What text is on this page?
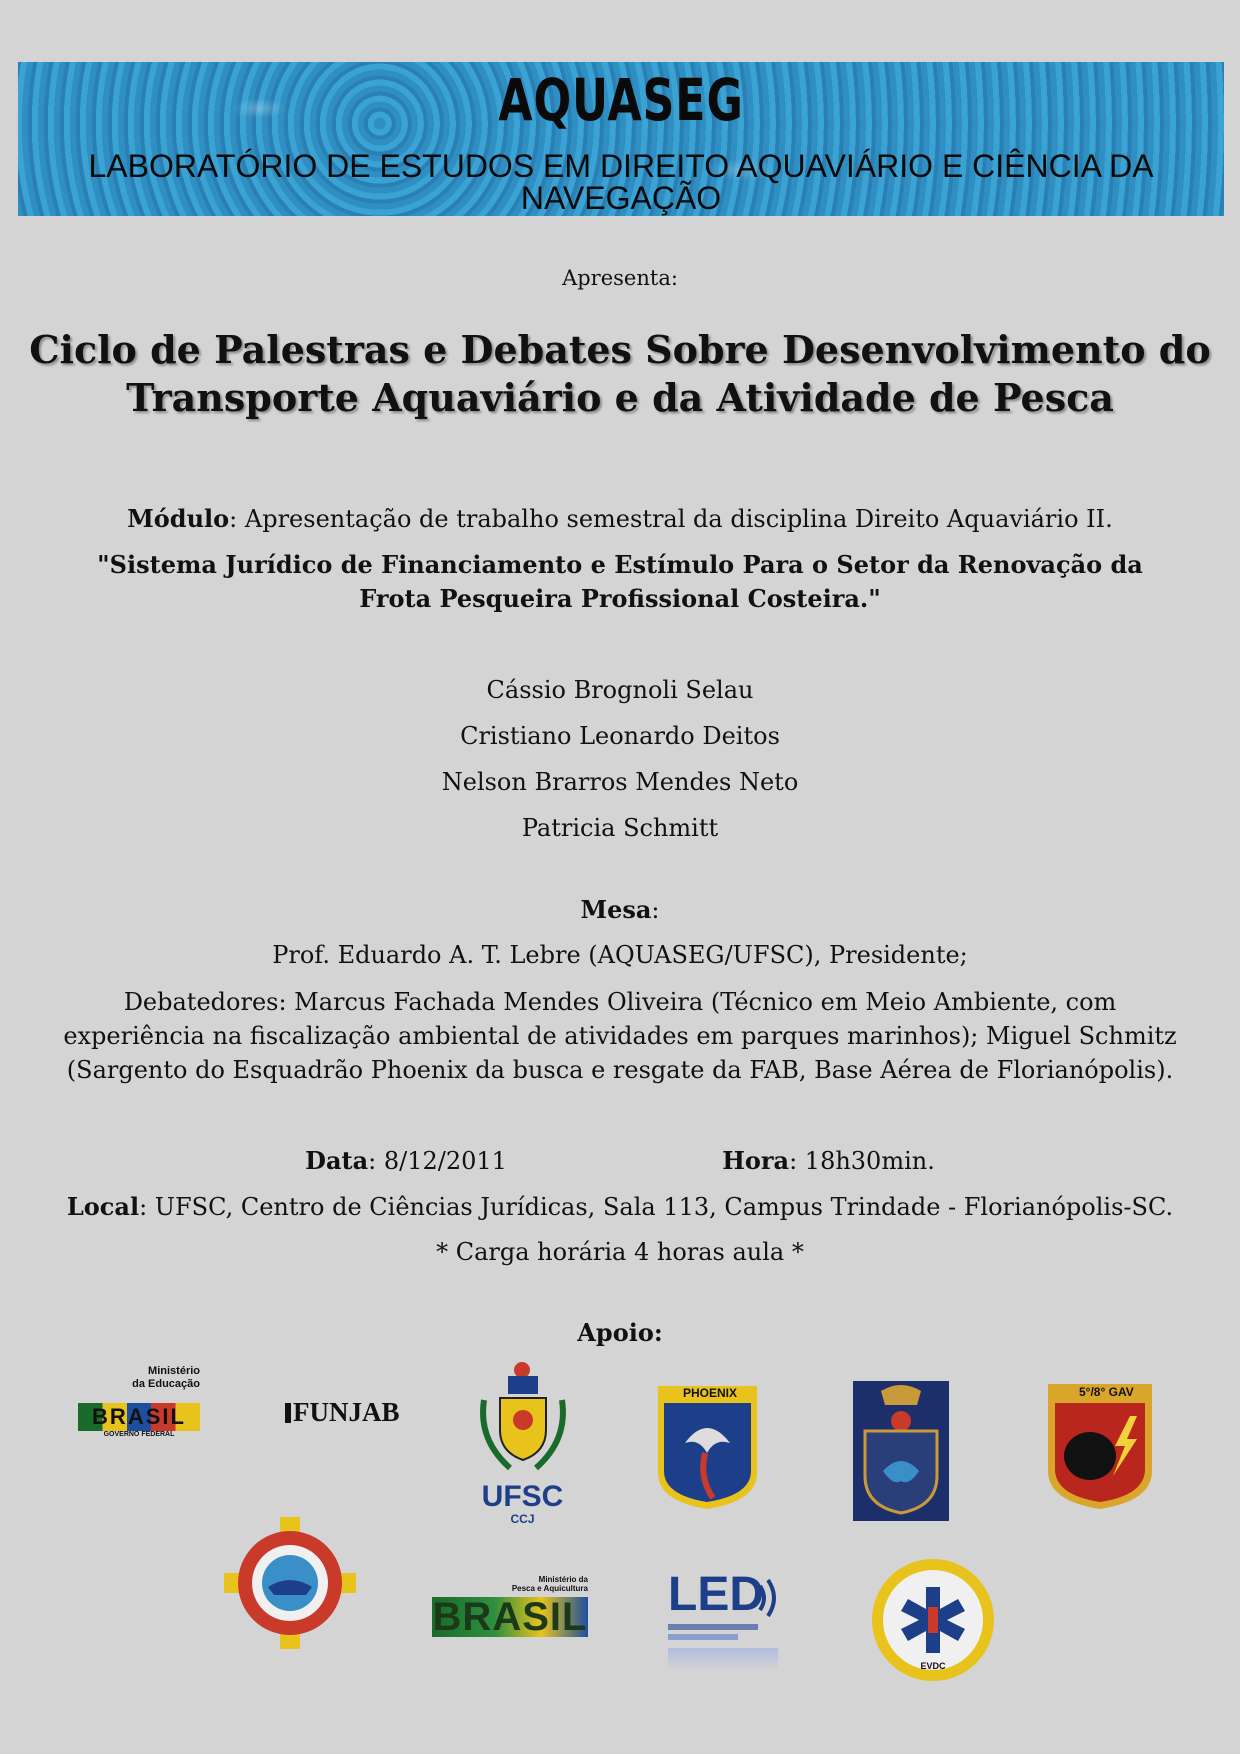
AQUASEG
LABORATÓRIO DE ESTUDOS EM DIREITO AQUAVIÁRIO E CIÊNCIA DA NAVEGAÇÃO
Apresenta:
Ciclo de Palestras e Debates Sobre Desenvolvimento do
Transporte Aquaviário e da Atividade de Pesca
Módulo: Apresentação de trabalho semestral da disciplina Direito Aquaviário II.
"Sistema Jurídico de Financiamento e Estímulo Para o Setor da Renovação da Frota Pesqueira Profissional Costeira."
Cássio Brognoli Selau
Cristiano Leonardo Deitos
Nelson Brarros Mendes Neto
Patricia Schmitt
Mesa:
Prof. Eduardo A. T. Lebre (AQUASEG/UFSC), Presidente;
Debatedores: Marcus Fachada Mendes Oliveira (Técnico em Meio Ambiente, com experiência na fiscalização ambiental de atividades em parques marinhos); Miguel Schmitz (Sargento do Esquadrão Phoenix da busca e resgate da FAB, Base Aérea de Florianópolis).
Data: 8/12/2011	Hora: 18h30min.
Local: UFSC, Centro de Ciências Jurídicas, Sala 113, Campus Trindade - Florianópolis-SC.
* Carga horária 4 horas aula *
Apoio:
Ministério
da Educação
BRASIL
GOVERNO FEDERAL
FUNJAB
UFSC
CCJ
PHOENIX	5°/8° GAV
Ministério da
Pesca e Aquicultura
BRASIL LED
EVDC
